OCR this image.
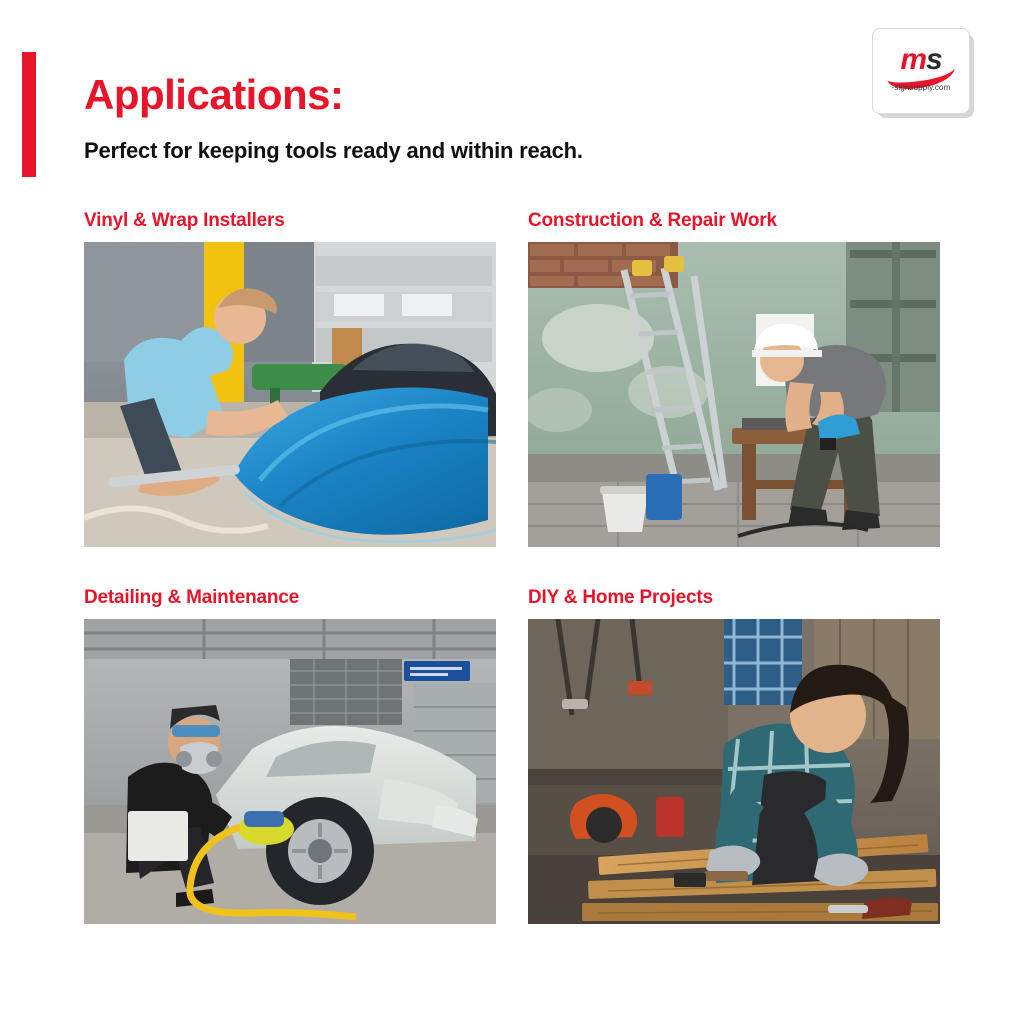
Applications:
Perfect for keeping tools ready and within reach.
ms
-signsupply.com
Vinyl & Wrap Installers	Construction & Repair Work
Detailing & Maintenance	DIY & Home Projects
